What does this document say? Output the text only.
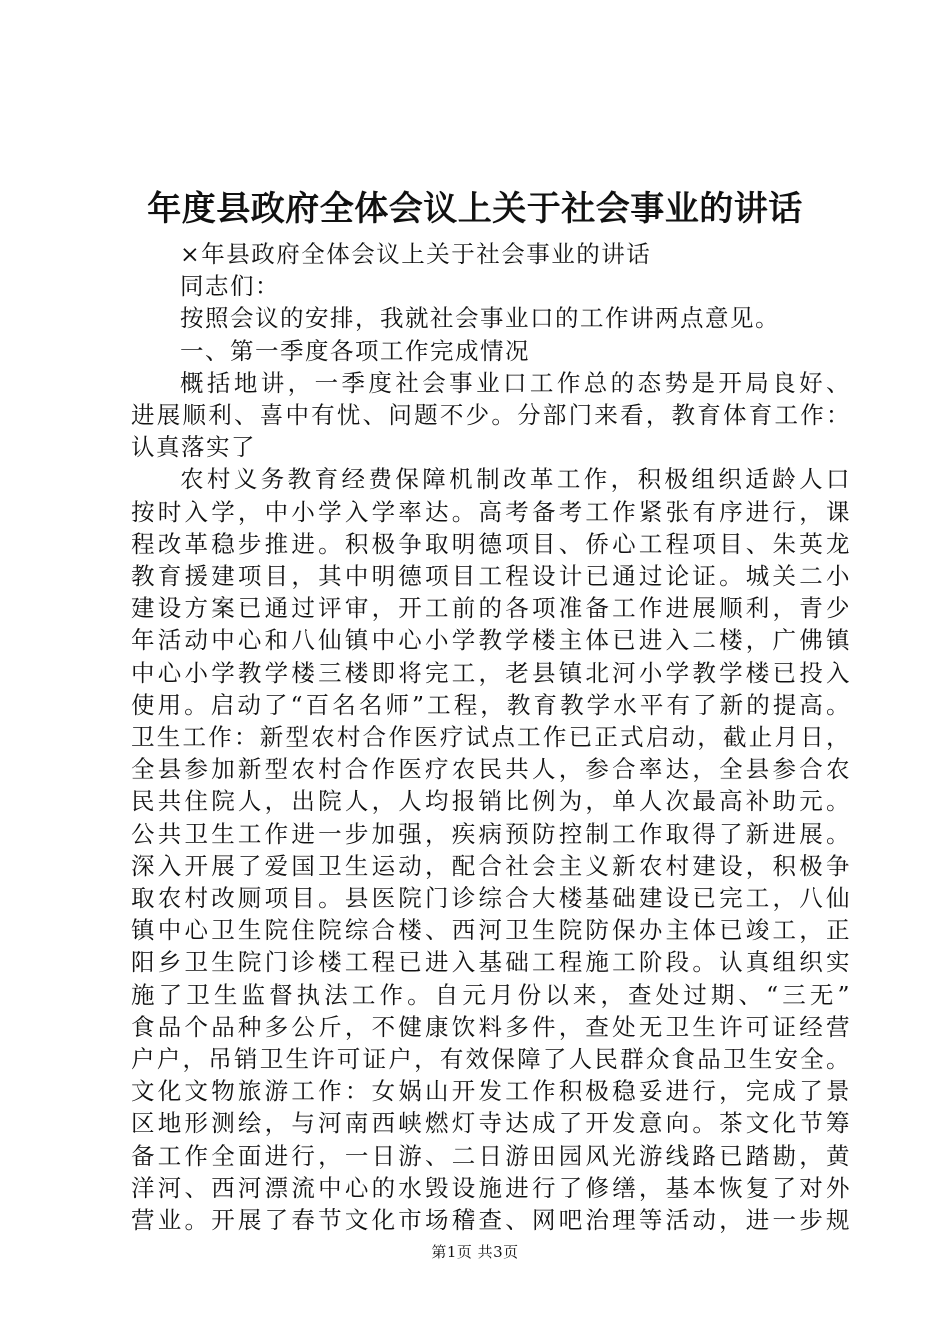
年度县政府全体会议上关于社会事业的讲话

×年县政府全体会议上关于社会事业的讲话

同志们：

按照会议的安排，我就社会事业口的工作讲两点意见。

一、第一季度各项工作完成情况

概括地讲，一季度社会事业口工作总的态势是开局良好、

进展顺利、喜中有忧、问题不少。分部门来看，教育体育工作：

认真落实了

农村义务教育经费保障机制改革工作，积极组织适龄人口

按时入学，中小学入学率达。高考备考工作紧张有序进行，课

程改革稳步推进。积极争取明德项目、侨心工程项目、朱英龙

教育援建项目，其中明德项目工程设计已通过论证。城关二小

建设方案已通过评审，开工前的各项准备工作进展顺利，青少

年活动中心和八仙镇中心小学教学楼主体已进入二楼，广佛镇

中心小学教学楼三楼即将完工，老县镇北河小学教学楼已投入

使用。启动了“百名名师”工程，教育教学水平有了新的提高。

卫生工作：新型农村合作医疗试点工作已正式启动，截止月日，

全县参加新型农村合作医疗农民共人，参合率达，全县参合农

民共住院人，出院人，人均报销比例为，单人次最高补助元。

公共卫生工作进一步加强，疾病预防控制工作取得了新进展。

深入开展了爱国卫生运动，配合社会主义新农村建设，积极争

取农村改厕项目。县医院门诊综合大楼基础建设已完工，八仙

镇中心卫生院住院综合楼、西河卫生院防保办主体已竣工，正

阳乡卫生院门诊楼工程已进入基础工程施工阶段。认真组织实

施了卫生监督执法工作。自元月份以来，查处过期、“三无”

食品个品种多公斤，不健康饮料多件，查处无卫生许可证经营

户户，吊销卫生许可证户，有效保障了人民群众食品卫生安全。

文化文物旅游工作：女娲山开发工作积极稳妥进行，完成了景

区地形测绘，与河南西峡燃灯寺达成了开发意向。茶文化节筹

备工作全面进行，一日游、二日游田园风光游线路已踏勘，黄

洋河、西河漂流中心的水毁设施进行了修缮，基本恢复了对外

营业。开展了春节文化市场稽查、网吧治理等活动，进一步规

第1页 共3页
